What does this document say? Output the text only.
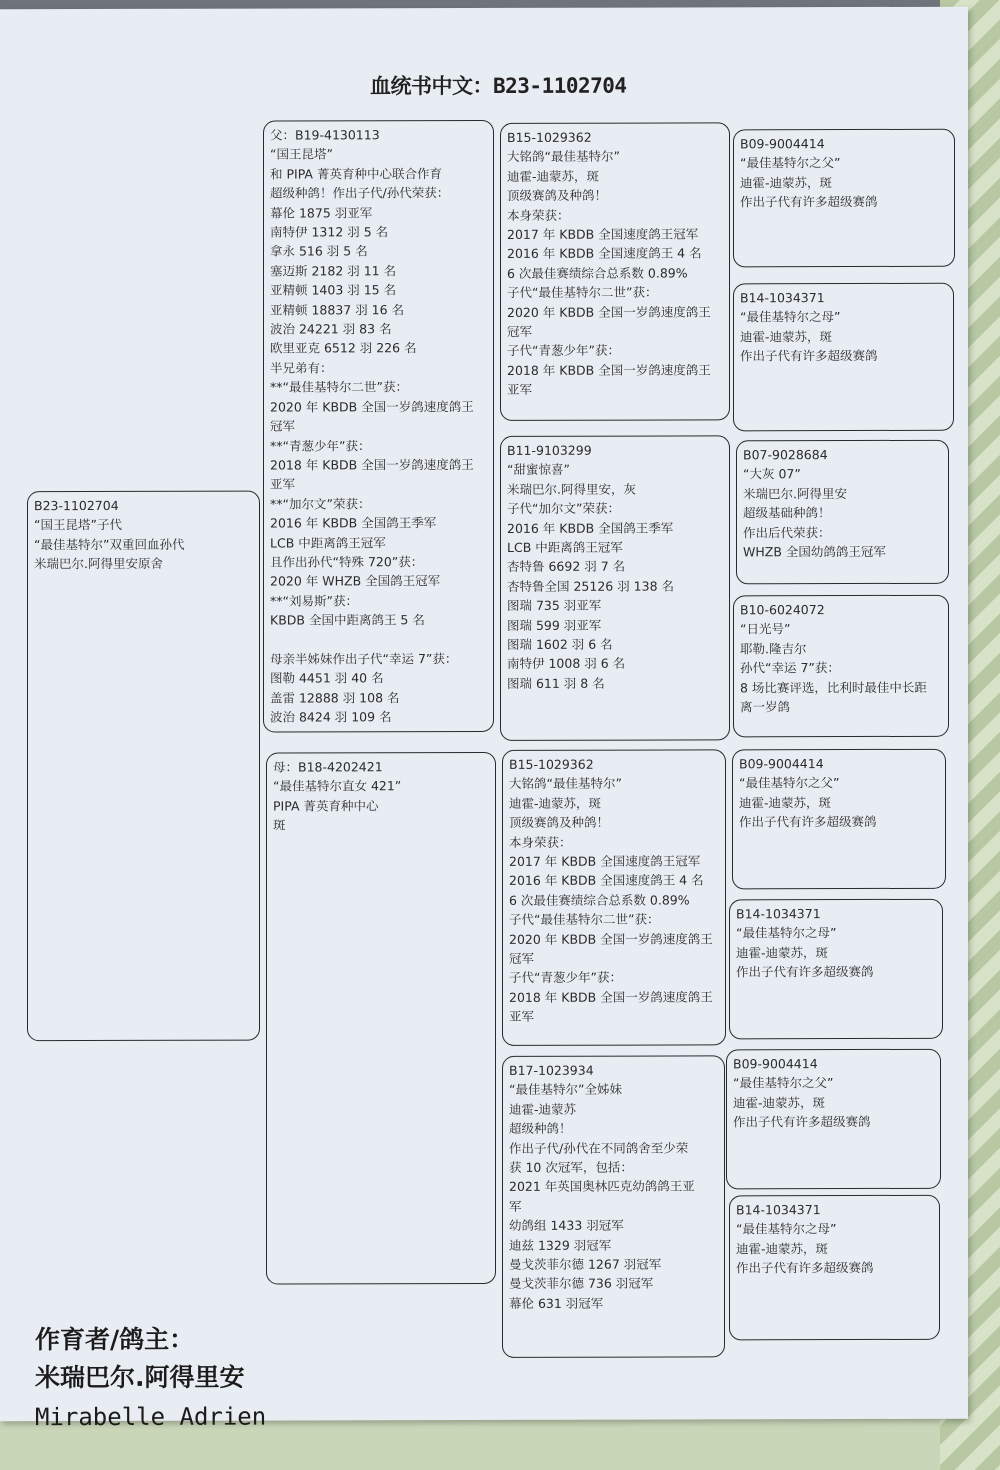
血统书中文：B23-1102704
B23-1102704
“国王昆塔”子代
“最佳基特尔”双重回血孙代
米瑞巴尔.阿得里安原舍
父：B19-4130113
“国王昆塔”
和 PIPA 菁英育种中心联合作育
超级种鸽！作出子代/孙代荣获：
幕伦 1875 羽亚军
南特伊 1312 羽 5 名
拿永 516 羽 5 名
塞迈斯 2182 羽 11 名
亚精顿 1403 羽 15 名
亚精顿 18837 羽 16 名
波治 24221 羽 83 名
欧里亚克 6512 羽 226 名
半兄弟有：
**“最佳基特尔二世”获：
2020 年 KBDB 全国一岁鸽速度鸽王
冠军
**“青葱少年”获：
2018 年 KBDB 全国一岁鸽速度鸽王
亚军
**“加尔文”荣获：
2016 年 KBDB 全国鸽王季军
LCB 中距离鸽王冠军
且作出孙代“特殊 720”获：
2020 年 WHZB 全国鸽王冠军
**“刘易斯”获：
KBDB 全国中距离鸽王 5 名

母亲半姊妹作出子代“幸运 7”获：
图勒 4451 羽 40 名
盖雷 12888 羽 108 名
波治 8424 羽 109 名
母：B18-4202421
“最佳基特尔直女 421”
PIPA 菁英育种中心
斑
B15-1029362
大铭鸽“最佳基特尔”
迪霍-迪蒙苏，斑
顶级赛鸽及种鸽！
本身荣获：
2017 年 KBDB 全国速度鸽王冠军
2016 年 KBDB 全国速度鸽王 4 名
6 次最佳赛绩综合总系数 0.89%
子代“最佳基特尔二世”获：
2020 年 KBDB 全国一岁鸽速度鸽王
冠军
子代“青葱少年”获：
2018 年 KBDB 全国一岁鸽速度鸽王
亚军
B11-9103299
“甜蜜惊喜”
米瑞巴尔.阿得里安，灰
子代“加尔文”荣获：
2016 年 KBDB 全国鸽王季军
LCB 中距离鸽王冠军
杏特鲁 6692 羽 7 名
杏特鲁全国 25126 羽 138 名
图瑞 735 羽亚军
图瑞 599 羽亚军
图瑞 1602 羽 6 名
南特伊 1008 羽 6 名
图瑞 611 羽 8 名
B15-1029362
大铭鸽“最佳基特尔”
迪霍-迪蒙苏，斑
顶级赛鸽及种鸽！
本身荣获：
2017 年 KBDB 全国速度鸽王冠军
2016 年 KBDB 全国速度鸽王 4 名
6 次最佳赛绩综合总系数 0.89%
子代“最佳基特尔二世”获：
2020 年 KBDB 全国一岁鸽速度鸽王
冠军
子代“青葱少年”获：
2018 年 KBDB 全国一岁鸽速度鸽王
亚军
B17-1023934
“最佳基特尔”全姊妹
迪霍-迪蒙苏
超级种鸽！
作出子代/孙代在不同鸽舍至少荣
获 10 次冠军，包括：
2021 年英国奥林匹克幼鸽鸽王亚
军
幼鸽组 1433 羽冠军
迪兹 1329 羽冠军
曼戈茨菲尔德 1267 羽冠军
曼戈茨菲尔德 736 羽冠军
幕伦 631 羽冠军
B09-9004414
“最佳基特尔之父”
迪霍-迪蒙苏，斑
作出子代有许多超级赛鸽
B14-1034371
“最佳基特尔之母”
迪霍-迪蒙苏，斑
作出子代有许多超级赛鸽
B07-9028684
“大灰 07”
米瑞巴尔.阿得里安
超级基础种鸽！
作出后代荣获：
WHZB 全国幼鸽鸽王冠军
B10-6024072
“日光号”
耶勒.隆吉尔
孙代“幸运 7”获：
8 场比赛评选，比利时最佳中长距
离一岁鸽
B09-9004414
“最佳基特尔之父”
迪霍-迪蒙苏，斑
作出子代有许多超级赛鸽
B14-1034371
“最佳基特尔之母”
迪霍-迪蒙苏，斑
作出子代有许多超级赛鸽
B09-9004414
“最佳基特尔之父”
迪霍-迪蒙苏，斑
作出子代有许多超级赛鸽
B14-1034371
“最佳基特尔之母”
迪霍-迪蒙苏，斑
作出子代有许多超级赛鸽
作育者/鸽主：
米瑞巴尔.阿得里安
Mirabelle Adrien
